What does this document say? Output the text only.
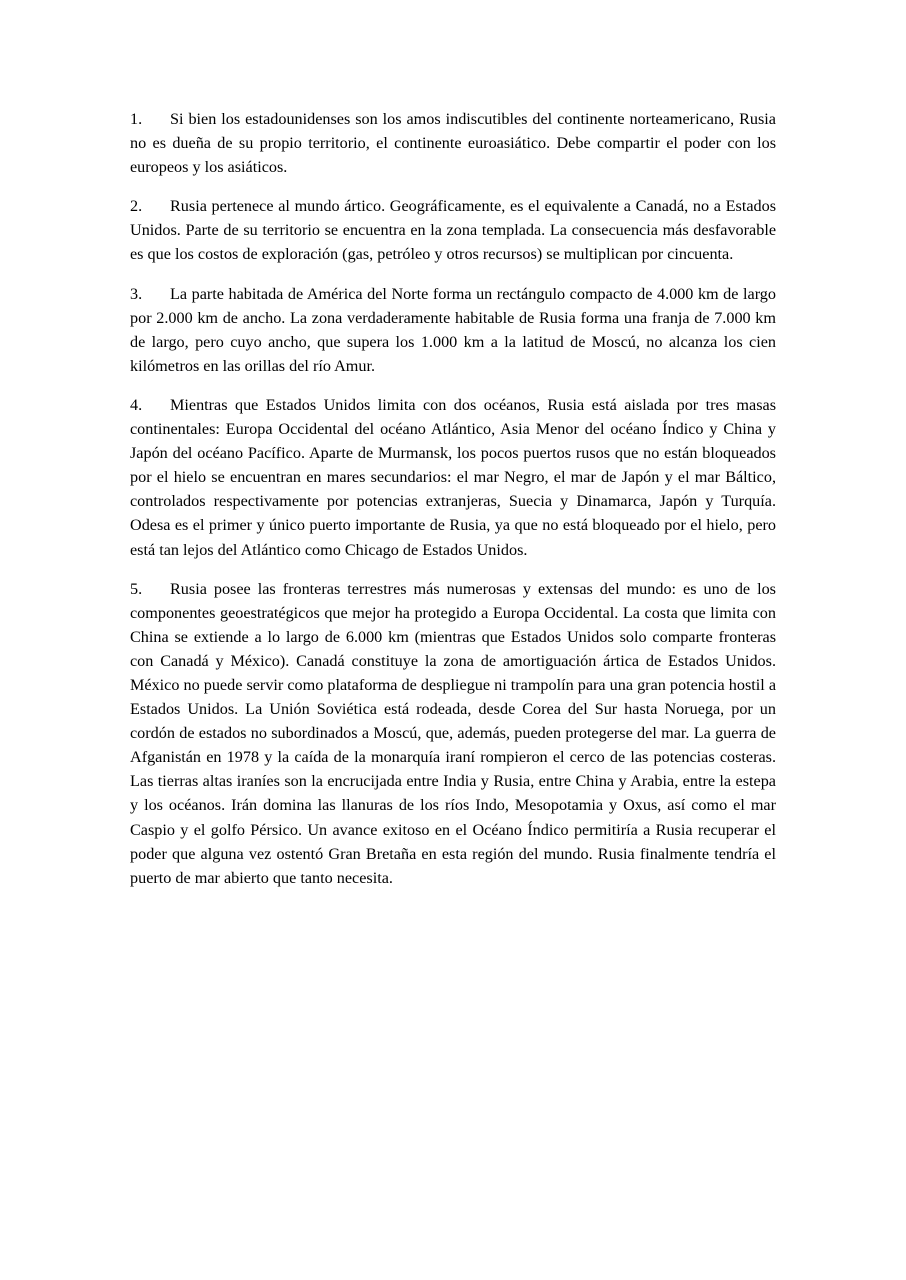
1. Si bien los estadounidenses son los amos indiscutibles del continente norteamericano, Rusia no es dueña de su propio territorio, el continente euroasiático. Debe compartir el poder con los europeos y los asiáticos.

2. Rusia pertenece al mundo ártico. Geográficamente, es el equivalente a Canadá, no a Estados Unidos. Parte de su territorio se encuentra en la zona templada. La consecuencia más desfavorable es que los costos de exploración (gas, petróleo y otros recursos) se multiplican por cincuenta.

3. La parte habitada de América del Norte forma un rectángulo compacto de 4.000 km de largo por 2.000 km de ancho. La zona verdaderamente habitable de Rusia forma una franja de 7.000 km de largo, pero cuyo ancho, que supera los 1.000 km a la latitud de Moscú, no alcanza los cien kilómetros en las orillas del río Amur.

4. Mientras que Estados Unidos limita con dos océanos, Rusia está aislada por tres masas continentales: Europa Occidental del océano Atlántico, Asia Menor del océano Índico y China y Japón del océano Pacífico. Aparte de Murmansk, los pocos puertos rusos que no están bloqueados por el hielo se encuentran en mares secundarios: el mar Negro, el mar de Japón y el mar Báltico, controlados respectivamente por potencias extranjeras, Suecia y Dinamarca, Japón y Turquía. Odesa es el primer y único puerto importante de Rusia, ya que no está bloqueado por el hielo, pero está tan lejos del Atlántico como Chicago de Estados Unidos.

5. Rusia posee las fronteras terrestres más numerosas y extensas del mundo: es uno de los componentes geoestratégicos que mejor ha protegido a Europa Occidental. La costa que limita con China se extiende a lo largo de 6.000 km (mientras que Estados Unidos solo comparte fronteras con Canadá y México). Canadá constituye la zona de amortiguación ártica de Estados Unidos. México no puede servir como plataforma de despliegue ni trampolín para una gran potencia hostil a Estados Unidos. La Unión Soviética está rodeada, desde Corea del Sur hasta Noruega, por un cordón de estados no subordinados a Moscú, que, además, pueden protegerse del mar. La guerra de Afganistán en 1978 y la caída de la monarquía iraní rompieron el cerco de las potencias costeras. Las tierras altas iraníes son la encrucijada entre India y Rusia, entre China y Arabia, entre la estepa y los océanos. Irán domina las llanuras de los ríos Indo, Mesopotamia y Oxus, así como el mar Caspio y el golfo Pérsico. Un avance exitoso en el Océano Índico permitiría a Rusia recuperar el poder que alguna vez ostentó Gran Bretaña en esta región del mundo. Rusia finalmente tendría el puerto de mar abierto que tanto necesita.
